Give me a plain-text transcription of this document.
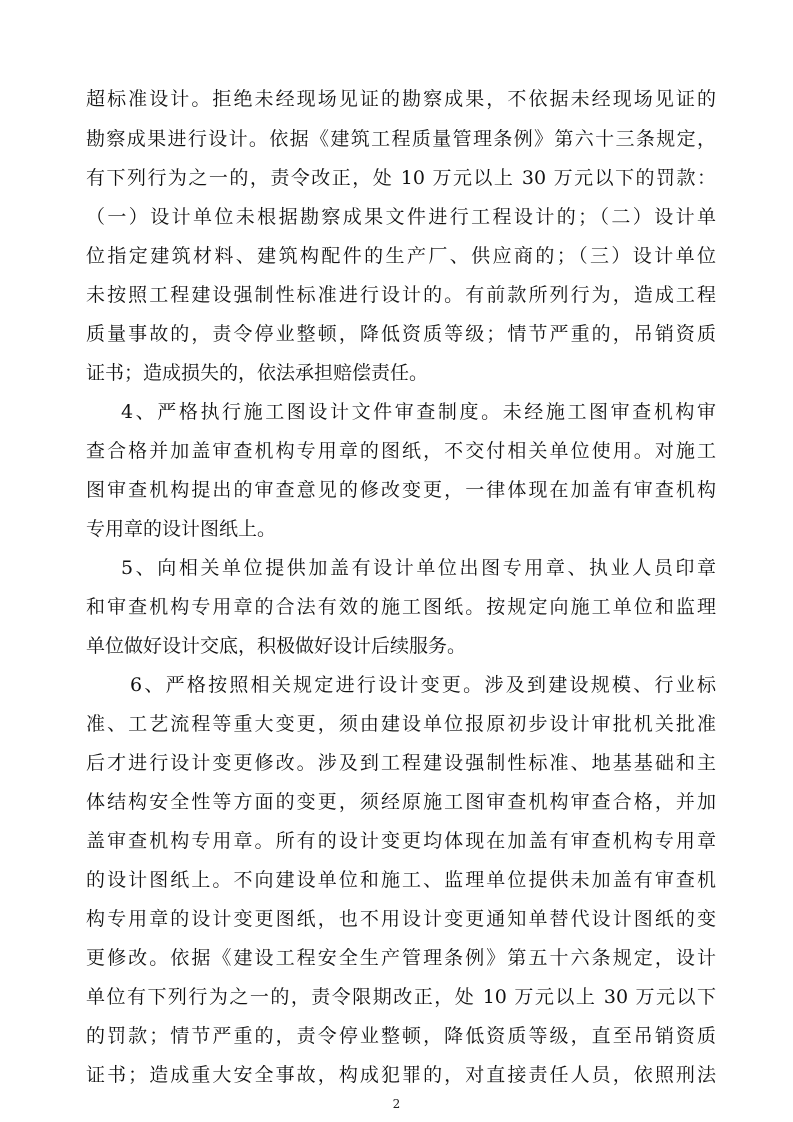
超标准设计。拒绝未经现场见证的勘察成果，不依据未经现场见证的
勘察成果进行设计。依据《建筑工程质量管理条例》第六十三条规定，
有下列行为之一的，责令改正，处 10 万元以上 30 万元以下的罚款：
（一）设计单位未根据勘察成果文件进行工程设计的；（二）设计单
位指定建筑材料、建筑构配件的生产厂、供应商的；（三）设计单位
未按照工程建设强制性标准进行设计的。有前款所列行为，造成工程
质量事故的，责令停业整顿，降低资质等级；情节严重的，吊销资质
证书；造成损失的，依法承担赔偿责任。
4、严格执行施工图设计文件审查制度。未经施工图审查机构审
查合格并加盖审查机构专用章的图纸，不交付相关单位使用。对施工
图审查机构提出的审查意见的修改变更，一律体现在加盖有审查机构
专用章的设计图纸上。
5、向相关单位提供加盖有设计单位出图专用章、执业人员印章
和审查机构专用章的合法有效的施工图纸。按规定向施工单位和监理
单位做好设计交底，积极做好设计后续服务。
6、严格按照相关规定进行设计变更。涉及到建设规模、行业标
准、工艺流程等重大变更，须由建设单位报原初步设计审批机关批准
后才进行设计变更修改。涉及到工程建设强制性标准、地基基础和主
体结构安全性等方面的变更，须经原施工图审查机构审查合格，并加
盖审查机构专用章。所有的设计变更均体现在加盖有审查机构专用章
的设计图纸上。不向建设单位和施工、监理单位提供未加盖有审查机
构专用章的设计变更图纸，也不用设计变更通知单替代设计图纸的变
更修改。依据《建设工程安全生产管理条例》第五十六条规定，设计
单位有下列行为之一的，责令限期改正，处 10 万元以上 30 万元以下
的罚款；情节严重的，责令停业整顿，降低资质等级，直至吊销资质
证书；造成重大安全事故，构成犯罪的，对直接责任人员，依照刑法
2
